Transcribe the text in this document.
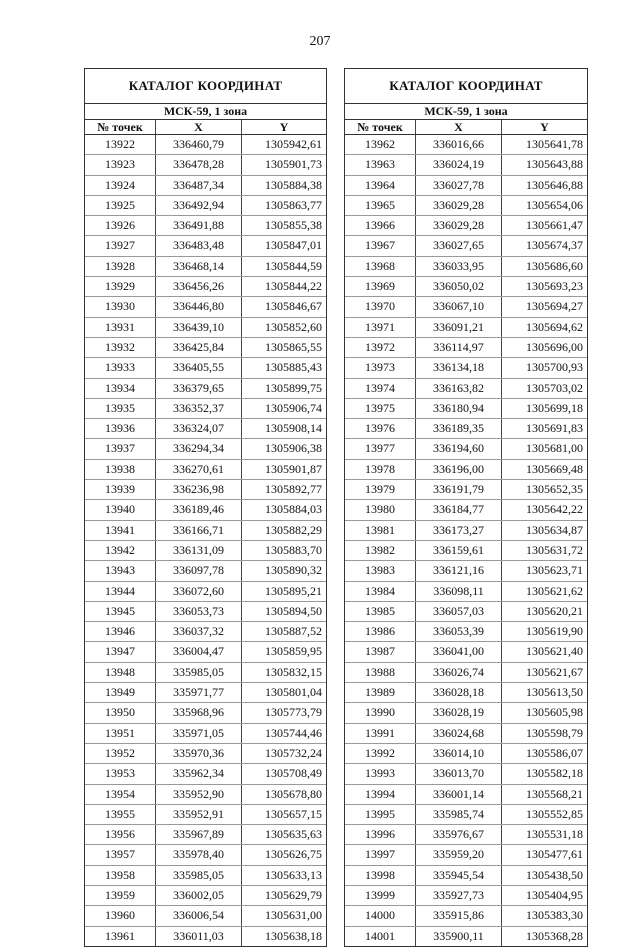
207
КАТАЛОГ КООРДИНАТ
МСК-59, 1 зона
№ точек	X	Y
13922	336460,79	1305942,61
13923	336478,28	1305901,73
13924	336487,34	1305884,38
13925	336492,94	1305863,77
13926	336491,88	1305855,38
13927	336483,48	1305847,01
13928	336468,14	1305844,59
13929	336456,26	1305844,22
13930	336446,80	1305846,67
13931	336439,10	1305852,60
13932	336425,84	1305865,55
13933	336405,55	1305885,43
13934	336379,65	1305899,75
13935	336352,37	1305906,74
13936	336324,07	1305908,14
13937	336294,34	1305906,38
13938	336270,61	1305901,87
13939	336236,98	1305892,77
13940	336189,46	1305884,03
13941	336166,71	1305882,29
13942	336131,09	1305883,70
13943	336097,78	1305890,32
13944	336072,60	1305895,21
13945	336053,73	1305894,50
13946	336037,32	1305887,52
13947	336004,47	1305859,95
13948	335985,05	1305832,15
13949	335971,77	1305801,04
13950	335968,96	1305773,79
13951	335971,05	1305744,46
13952	335970,36	1305732,24
13953	335962,34	1305708,49
13954	335952,90	1305678,80
13955	335952,91	1305657,15
13956	335967,89	1305635,63
13957	335978,40	1305626,75
13958	335985,05	1305633,13
13959	336002,05	1305629,79
13960	336006,54	1305631,00
13961	336011,03	1305638,18
КАТАЛОГ КООРДИНАТ
МСК-59, 1 зона
№ точек	X	Y
13962	336016,66	1305641,78
13963	336024,19	1305643,88
13964	336027,78	1305646,88
13965	336029,28	1305654,06
13966	336029,28	1305661,47
13967	336027,65	1305674,37
13968	336033,95	1305686,60
13969	336050,02	1305693,23
13970	336067,10	1305694,27
13971	336091,21	1305694,62
13972	336114,97	1305696,00
13973	336134,18	1305700,93
13974	336163,82	1305703,02
13975	336180,94	1305699,18
13976	336189,35	1305691,83
13977	336194,60	1305681,00
13978	336196,00	1305669,48
13979	336191,79	1305652,35
13980	336184,77	1305642,22
13981	336173,27	1305634,87
13982	336159,61	1305631,72
13983	336121,16	1305623,71
13984	336098,11	1305621,62
13985	336057,03	1305620,21
13986	336053,39	1305619,90
13987	336041,00	1305621,40
13988	336026,74	1305621,67
13989	336028,18	1305613,50
13990	336028,19	1305605,98
13991	336024,68	1305598,79
13992	336014,10	1305586,07
13993	336013,70	1305582,18
13994	336001,14	1305568,21
13995	335985,74	1305552,85
13996	335976,67	1305531,18
13997	335959,20	1305477,61
13998	335945,54	1305438,50
13999	335927,73	1305404,95
14000	335915,86	1305383,30
14001	335900,11	1305368,28
